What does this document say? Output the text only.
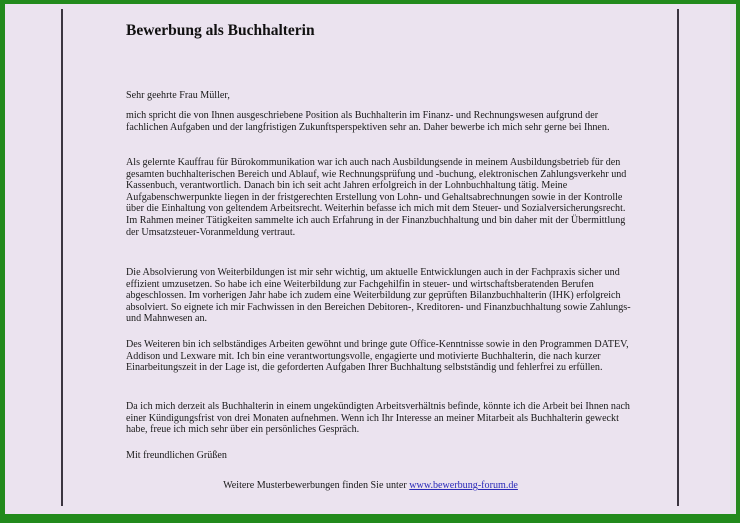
Bewerbung als Buchhalterin

Sehr geehrte Frau Müller,

mich spricht die von Ihnen ausgeschriebene Position als Buchhalterin im Finanz- und Rechnungswesen aufgrund der fachlichen Aufgaben und der langfristigen Zukunftsperspektiven sehr an. Daher bewerbe ich mich sehr gerne bei Ihnen.

Als gelernte Kauffrau für Bürokommunikation war ich auch nach Ausbildungsende in meinem Ausbildungsbetrieb für den gesamten buchhalterischen Bereich und Ablauf, wie Rechnungsprüfung und -buchung, elektronischen Zahlungsverkehr und Kassenbuch, verantwortlich. Danach bin ich seit acht Jahren erfolgreich in der Lohnbuchhaltung tätig. Meine Aufgabenschwerpunkte liegen in der fristgerechten Erstellung von Lohn- und Gehaltsabrechnungen sowie in der Kontrolle über die Einhaltung von geltendem Arbeitsrecht. Weiterhin befasse ich mich mit dem Steuer- und Sozialversicherungsrecht. Im Rahmen meiner Tätigkeiten sammelte ich auch Erfahrung in der Finanzbuchhaltung und bin daher mit der Übermittlung der Umsatzsteuer-Voranmeldung vertraut.

Die Absolvierung von Weiterbildungen ist mir sehr wichtig, um aktuelle Entwicklungen auch in der Fachpraxis sicher und effizient umzusetzen. So habe ich eine Weiterbildung zur Fachgehilfin in steuer- und wirtschaftsberatenden Berufen abgeschlossen. Im vorherigen Jahr habe ich zudem eine Weiterbildung zur geprüften Bilanzbuchhalterin (IHK) erfolgreich absolviert. So eignete ich mir Fachwissen in den Bereichen Debitoren-, Kreditoren- und Finanzbuchhaltung sowie Zahlungs- und Mahnwesen an.

Des Weiteren bin ich selbständiges Arbeiten gewöhnt und bringe gute Office-Kenntnisse sowie in den Programmen DATEV, Addison und Lexware mit. Ich bin eine verantwortungsvolle, engagierte und motivierte Buchhalterin, die nach kurzer Einarbeitungszeit in der Lage ist, die geforderten Aufgaben Ihrer Buchhaltung selbstständig und fehlerfrei zu erfüllen.

Da ich mich derzeit als Buchhalterin in einem ungekündigten Arbeitsverhältnis befinde, könnte ich die Arbeit bei Ihnen nach einer Kündigungsfrist von drei Monaten aufnehmen. Wenn ich Ihr Interesse an meiner Mitarbeit als Buchhalterin geweckt habe, freue ich mich sehr über ein persönliches Gespräch.

Mit freundlichen Grüßen

Weitere Musterbewerbungen finden Sie unter www.bewerbung-forum.de
